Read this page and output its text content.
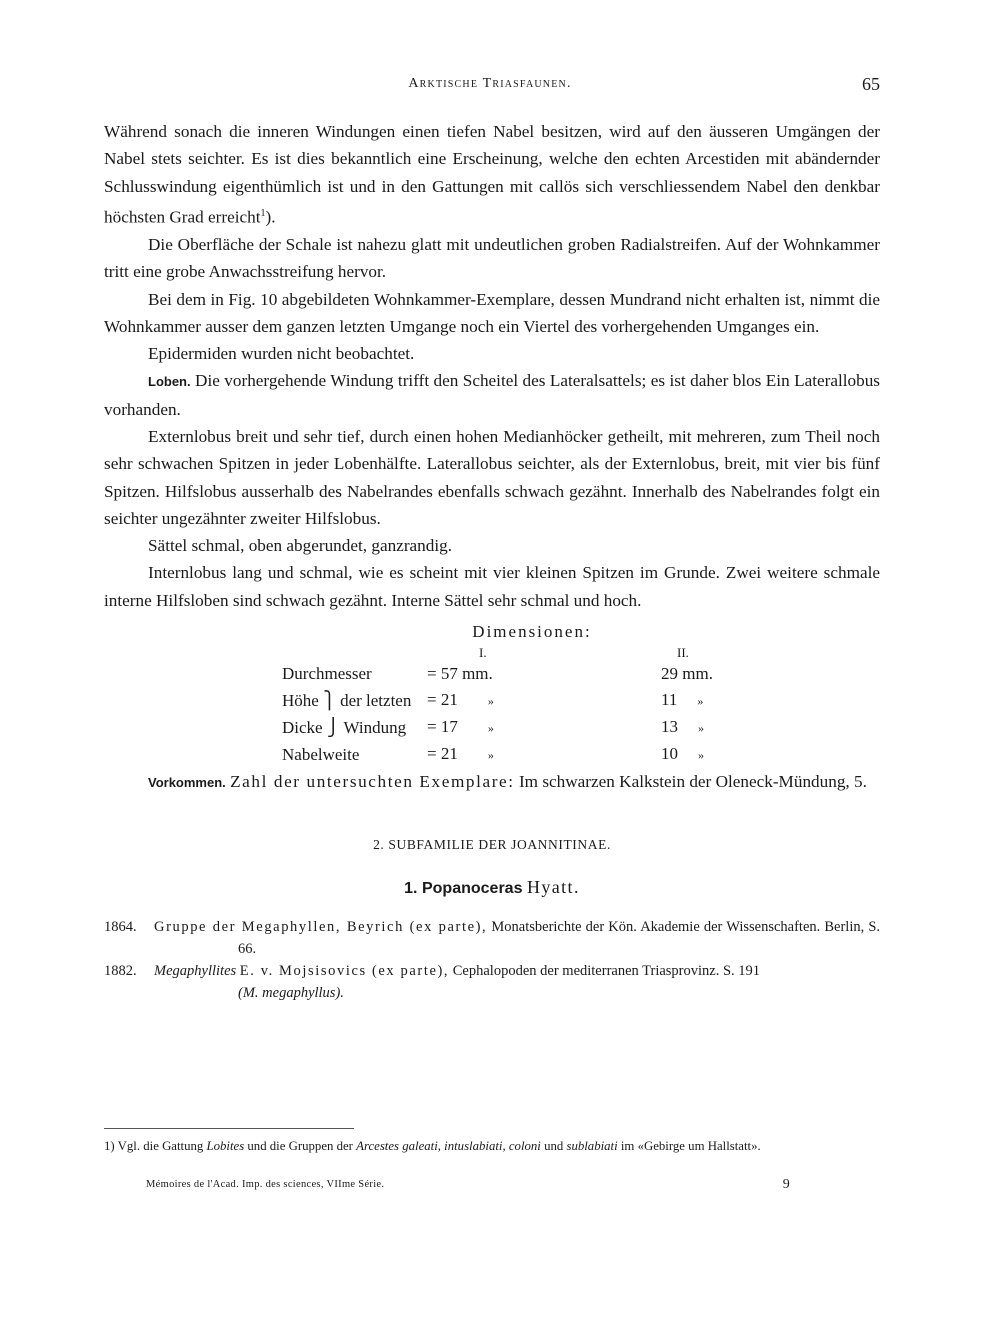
Arktische Triasfaunen.	65

Während sonach die inneren Windungen einen tiefen Nabel besitzen, wird auf den äusseren Umgängen der Nabel stets seichter. Es ist dies bekanntlich eine Erscheinung, welche den echten Arcestiden mit abändernder Schlusswindung eigenthümlich ist und in den Gattungen mit callös sich verschliessendem Nabel den denkbar höchsten Grad erreicht$^1$).

Die Oberfläche der Schale ist nahezu glatt mit undeutlichen groben Radialstreifen. Auf der Wohnkammer tritt eine grobe Anwachsstreifung hervor.

Bei dem in Fig. 10 abgebildeten Wohnkammer-Exemplare, dessen Mundrand nicht erhalten ist, nimmt die Wohnkammer ausser dem ganzen letzten Umgange noch ein Viertel des vorhergehenden Umganges ein.

Epidermiden wurden nicht beobachtet.

Loben. Die vorhergehende Windung trifft den Scheitel des Lateralsattels; es ist daher blos Ein Laterallobus vorhanden.

Externlobus breit und sehr tief, durch einen hohen Medianhöcker getheilt, mit mehreren, zum Theil noch sehr schwachen Spitzen in jeder Lobenhälfte. Laterallobus seichter, als der Externlobus, breit, mit vier bis fünf Spitzen. Hilfslobus ausserhalb des Nabelrandes ebenfalls schwach gezähnt. Innerhalb des Nabelrandes folgt ein seichter ungezähnter zweiter Hilfslobus.

Sättel schmal, oben abgerundet, ganzrandig.

Internlobus lang und schmal, wie es scheint mit vier kleinen Spitzen im Grunde. Zwei weitere schmale interne Hilfsloben sind schwach gezähnt. Interne Sättel sehr schmal und hoch.

Dimensionen:
	I.	II.
Durchmesser	= 57 mm.	29 mm.
Höhe ⎫ der letzten	= 21 »	11 »
Dicke ⎭ Windung	= 17 »	13 »
Nabelweite	= 21 »	10 »

Vorkommen. Zahl der untersuchten Exemplare: Im schwarzen Kalkstein der Oleneck-Mündung, 5.

2. SUBFAMILIE DER JOANNITINAE.
1. Popanoceras Hyatt.
1864. Gruppe der Megaphyllen, Beyrich (ex parte), Monatsberichte der Kön. Akademie der Wissenschaften. Berlin, S. 66.
1882. Megaphyllites E. v. Mojsisovics (ex parte), Cephalopoden der mediterranen Triasprovinz. S. 191
(M. megaphyllus).
1) Vgl. die Gattung Lobites und die Gruppen der Arcestes galeati, intuslabiati, coloni und sublabiati im «Gebirge um Hallstatt».
Mémoires de l'Acad. Imp. des sciences, VIIme Série.	9
